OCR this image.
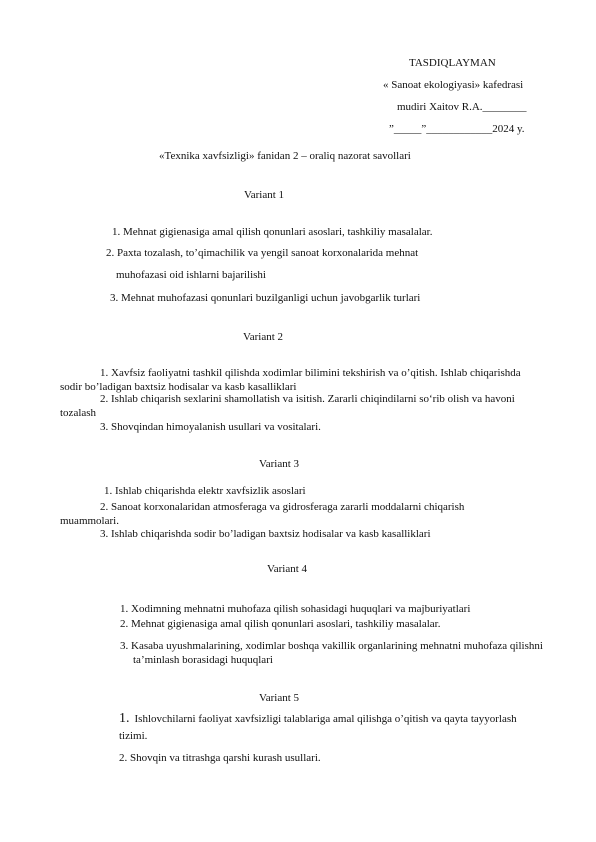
TASDIQLAYMAN
« Sanoat ekologiyasi» kafedrasi
mudiri Xaitov R.A.________
”_____”____________2024 y.
«Texnika xavfsizligi» fanidan 2 – oraliq nazorat savollari
Variant 1
1. Mehnat gigienasiga amal qilish qonunlari asoslari, tashkiliy masalalar.
2. Paxta tozalash, to’qimachilik va yengil sanoat korxonalarida mehnat
muhofazasi oid ishlarni bajarilishi
3. Mehnat muhofazasi qonunlari buzilganligi uchun javobgarlik turlari
Variant 2
1. Xavfsiz faoliyatni tashkil qilishda xodimlar bilimini tekshirish va o’qitish. Ishlab chiqarishda sodir bo’ladigan baxtsiz hodisalar va kasb kasalliklari
2. Ishlab chiqarish sexlarini shamollatish va isitish. Zararli chiqindilarni so‘rib olish va havoni tozalash
3. Shovqindan himoyalanish usullari va vositalari.
Variant 3
1. Ishlab chiqarishda elektr xavfsizlik asoslari
2. Sanoat korxonalaridan atmosferaga va gidrosferaga zararli moddalarni chiqarish muammolari.
3. Ishlab chiqarishda sodir bo’ladigan baxtsiz hodisalar va kasb kasalliklari
Variant 4
1. Xodimning mehnatni muhofaza qilish sohasidagi huquqlari va majburiyatlari
2. Mehnat gigienasiga amal qilish qonunlari asoslari, tashkiliy masalalar.
3. Kasaba uyushmalarining, xodimlar boshqa vakillik organlarining mehnatni muhofaza qilishni ta’minlash borasidagi huquqlari
Variant 5
1. Ishlovchilarni faoliyat xavfsizligi talablariga amal qilishga o’qitish va qayta tayyorlash tizimi.
2. Shovqin va titrashga qarshi kurash usullari.
